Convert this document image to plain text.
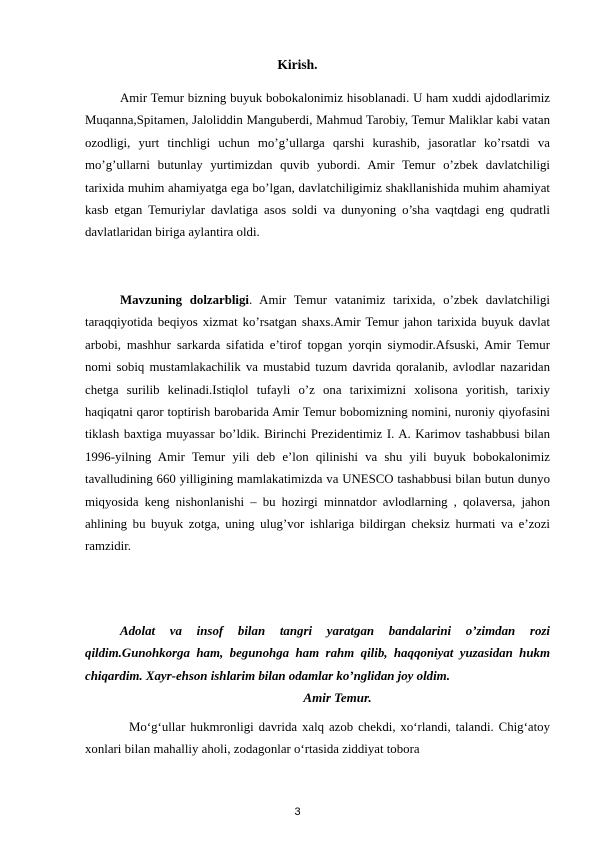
Kirish.

Amir Temur bizning buyuk bobokalonimiz hisoblanadi. U ham xuddi ajdodlarimiz Muqanna,Spitamen, Jaloliddin Manguberdi, Mahmud Tarobiy, Temur Maliklar kabi vatan ozodligi, yurt tinchligi uchun mo’g’ullarga qarshi kurashib, jasoratlar ko’rsatdi va mo’g’ullarni butunlay yurtimizdan quvib yubordi. Amir Temur o’zbek davlatchiligi tarixida muhim ahamiyatga ega bo’lgan, davlatchiligimiz shakllanishida muhim ahamiyat kasb etgan Temuriylar davlatiga asos soldi va dunyoning o’sha vaqtdagi eng qudratli davlatlaridan biriga aylantira oldi.

Mavzuning dolzarbligi. Amir Temur vatanimiz tarixida, o’zbek davlatchiligi taraqqiyotida beqiyos xizmat ko’rsatgan shaxs.Amir Temur jahon tarixida buyuk davlat arbobi, mashhur sarkarda sifatida e’tirof topgan yorqin siymodir.Afsuski, Amir Temur nomi sobiq mustamlakachilik va mustabid tuzum davrida qoralanib, avlodlar nazaridan chetga surilib kelinadi.Istiqlol tufayli o’z ona tariximizni xolisona yoritish, tarixiy haqiqatni qaror toptirish barobarida Amir Temur bobomizning nomini, nuroniy qiyofasini tiklash baxtiga muyassar bo’ldik. Birinchi Prezidentimiz I. A. Karimov tashabbusi bilan 1996-yilning Amir Temur yili deb e’lon qilinishi va shu yili buyuk bobokalonimiz tavalludining 660 yilligining mamlakatimizda va UNESCO tashabbusi bilan butun dunyo miqyosida keng nishonlanishi – bu hozirgi minnatdor avlodlarning , qolaversa, jahon ahlining bu buyuk zotga, uning ulug’vor ishlariga bildirgan cheksiz hurmati va e’zozi ramzidir.

Adolat va insof bilan tangri yaratgan bandalarini o’zimdan rozi qildim.Gunohkorga ham, begunohga ham rahm qilib, haqqoniyat yuzasidan hukm chiqardim. Xayr-ehson ishlarim bilan odamlar ko’nglidan joy oldim.

Amir Temur.

Mo‘g‘ullar hukmronligi davrida xalq azob chekdi, xo‘rlandi, talandi. Chig‘atoy xonlari bilan mahalliy aholi, zodagonlar o‘rtasida ziddiyat tobora

3
